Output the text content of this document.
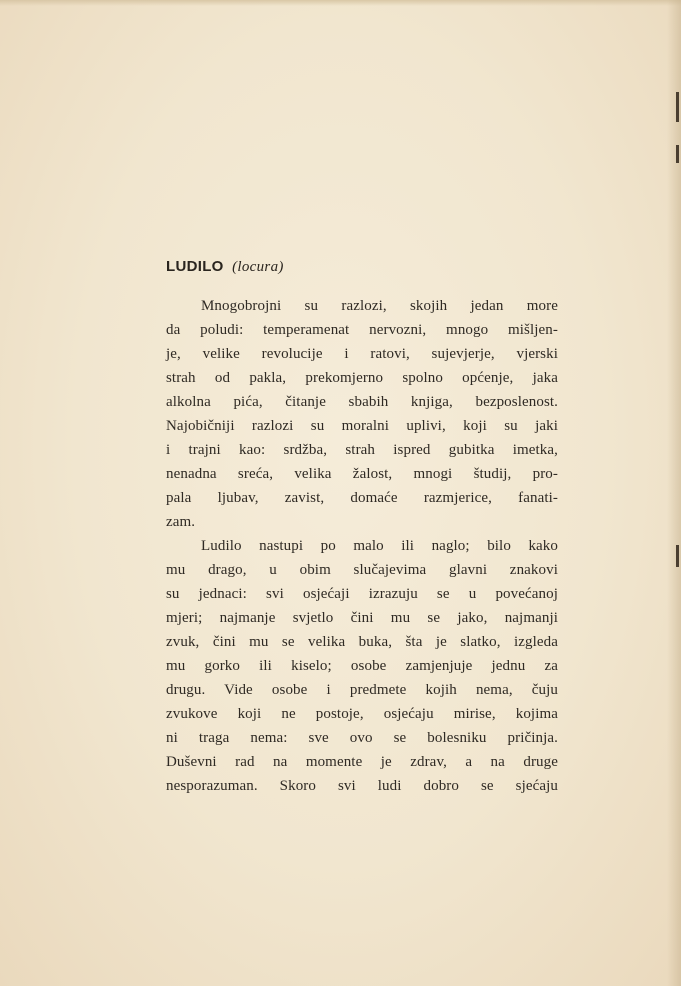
LUDILO (locura)
Mnogobrojni su razlozi, skojih jedan more
da poludi: temperamenat nervozni, mnogo mišljen-
je, velike revolucije i ratovi, sujevjerje, vjerski
strah od pakla, prekomjerno spolno općenje, jaka
alkolna pića, čitanje sbabih knjiga, bezposlenost.
Najobičniji razlozi su moralni uplivi, koji su jaki
i trajni kao: srdžba, strah ispred gubitka imetka,
nenadna sreća, velika žalost, mnogi študij, pro-
pala ljubav, zavist, domaće razmjerice, fanati-
zam.
Ludilo nastupi po malo ili naglo; bilo kako
mu drago, u obim slučajevima glavni znakovi
su jednaci: svi osjećaji izrazuju se u povećanoj
mjeri; najmanje svjetlo čini mu se jako, najmanji
zvuk, čini mu se velika buka, šta je slatko, izgleda
mu gorko ili kiselo; osobe zamjenjuje jednu za
drugu. Vide osobe i predmete kojih nema, čuju
zvukove koji ne postoje, osjećaju mirise, kojima
ni traga nema: sve ovo se bolesniku pričinja.
Duševni rad na momente je zdrav, a na druge
nesporazuman. Skoro svi ludi dobro se sjećaju
